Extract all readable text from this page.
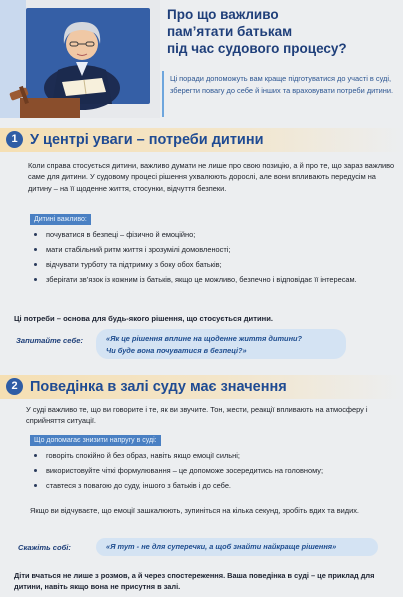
Про що важливо
пам’ятати батькам
під час судового процесу?
Ці поради допоможуть вам краще підготуватися до участі в суді, зберегти повагу до себе й інших та враховувати потреби дитини.
1 У центрі уваги – потреби дитини
Коли справа стосується дитини, важливо думати не лише про свою позицію, а й про те, що зараз важливо саме для дитини. У судовому процесі рішення ухвалюють дорослі, але вони впливають передусім на дитину – на її щоденне життя, стосунки, відчуття безпеки.
Дитині важливо:
почуватися в безпеці – фізично й емоційно;
мати стабільний ритм життя і зрозумілі домовленості;
відчувати турботу та підтримку з боку обох батьків;
зберігати зв’язок із кожним із батьків, якщо це можливо, безпечно і відповідає її інтересам.
Ці потреби – основа для будь-якого рішення, що стосується дитини.
Запитайте себе:	«Як це рішення вплине на щоденне життя дитини?
Чи буде вона почуватися в безпеці?»
2 Поведінка в залі суду має значення
У суді важливо те, що ви говорите і те, як ви звучите. Тон, жести, реакції впливають на атмосферу і сприйняття ситуації.
Що допомагає знизити напругу в суді:
говоріть спокійно й без образ, навіть якщо емоції сильні;
використовуйте чіткі формулювання – це допоможе зосередитись на головному;
ставтеся з повагою до суду, іншого з батьків і до себе.
Якщо ви відчуваєте, що емоції зашкалюють, зупиніться на кілька секунд, зробіть вдих та видих.
Скажіть собі:	«Я тут - не для суперечки, а щоб знайти найкраще рішення»
Діти вчаться не лише з розмов, а й через спостереження. Ваша поведінка в суді – це приклад для дитини, навіть якщо вона не присутня в залі.
